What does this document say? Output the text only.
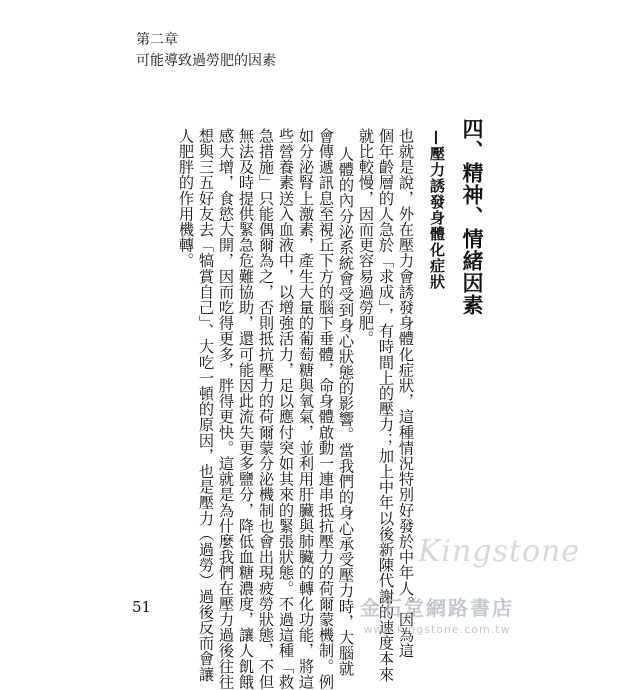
第二章
可能導致過勞肥的因素
四、精神、情緒因素
—壓力誘發身體化症狀
也就是說，外在壓力會誘發身體化症狀，這種情況特別好發於中年人。因為這
個年齡層的人急於「求成」，有時間上的壓力；加上中年以後新陳代謝的速度本來
就比較慢，因而更容易過勞肥。
人體的內分泌系統會受到身心狀態的影響。當我們的身心承受壓力時，大腦就
會傳遞訊息至視丘下方的腦下垂體，命身體啟動一連串抵抗壓力的荷爾蒙機制。例
如分泌腎上激素，產生大量的葡萄糖與氧氣，並利用肝臟與肺臟的轉化功能，將這
些營養素送入血液中，以增強活力，足以應付突如其來的緊張狀態。不過這種「救
急措施」只能偶爾為之，否則抵抗壓力的荷爾蒙分泌機制也會出現疲勞狀態，不但
無法及時提供緊急危難協助，還可能因此流失更多鹽分，降低血糖濃度，讓人飢餓
感大增，食慾大開，因而吃得更多，胖得更快。這就是為什麼我們在壓力過後往往
想與三五好友去「犒賞自己」、大吃一頓的原因，也是壓力（過勞）過後反而會讓
人肥胖的作用機轉。
51
Kingstone
金石堂網路書店
www.kingstone.com.tw
